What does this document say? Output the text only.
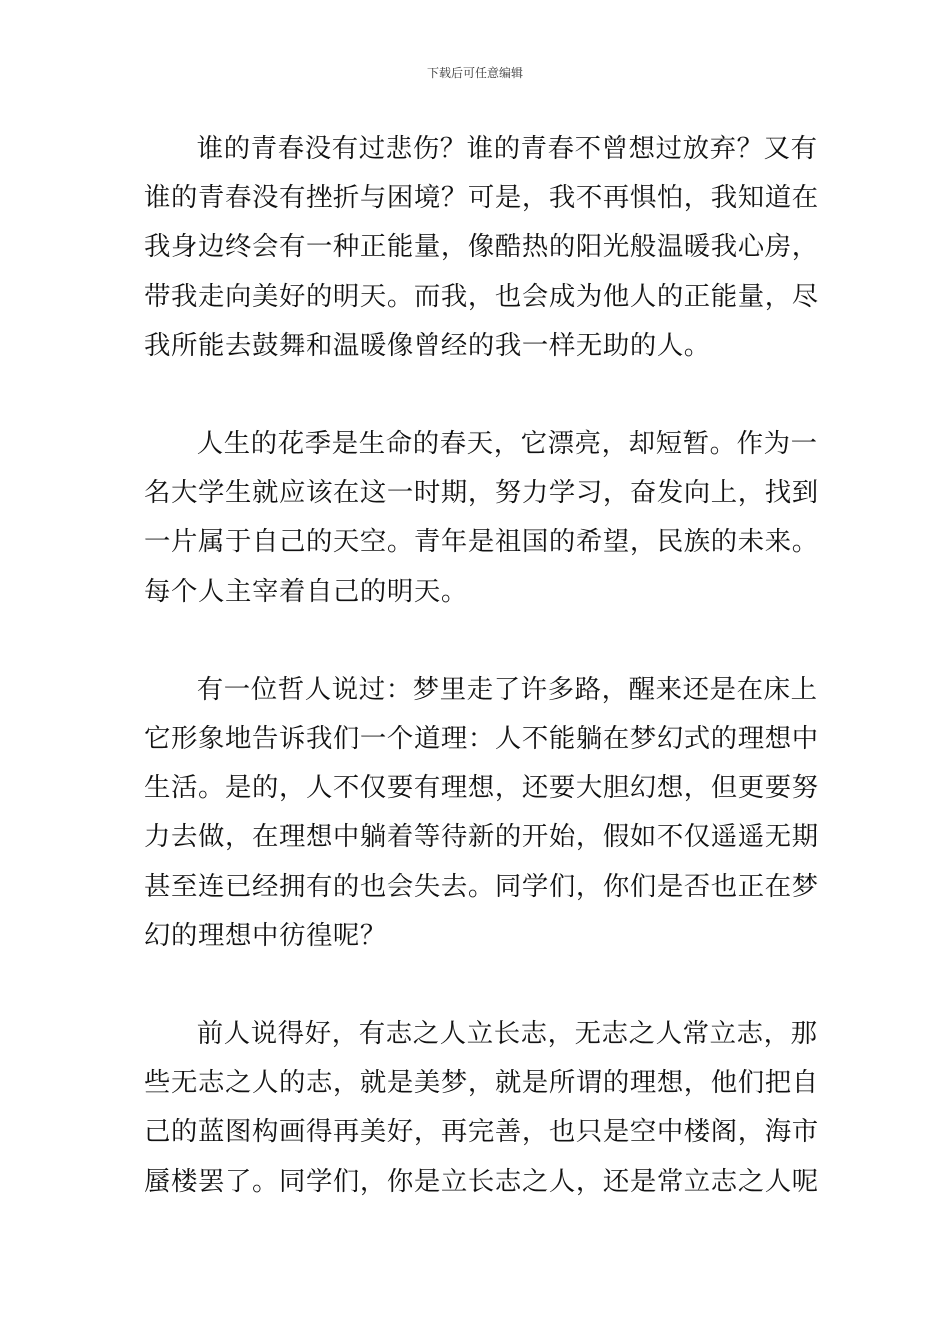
下载后可任意编辑

谁的青春没有过悲伤？谁的青春不曾想过放弃？又有
谁的青春没有挫折与困境？可是，我不再惧怕，我知道在
我身边终会有一种正能量，像酷热的阳光般温暖我心房，
带我走向美好的明天。而我，也会成为他人的正能量，尽
我所能去鼓舞和温暖像曾经的我一样无助的人。

人生的花季是生命的春天，它漂亮，却短暂。作为一
名大学生就应该在这一时期，努力学习，奋发向上，找到
一片属于自己的天空。青年是祖国的希望，民族的未来。
每个人主宰着自己的明天。

有一位哲人说过：梦里走了许多路，醒来还是在床上
它形象地告诉我们一个道理：人不能躺在梦幻式的理想中
生活。是的，人不仅要有理想，还要大胆幻想，但更要努
力去做，在理想中躺着等待新的开始，假如不仅遥遥无期
甚至连已经拥有的也会失去。同学们，你们是否也正在梦
幻的理想中彷徨呢？

前人说得好，有志之人立长志，无志之人常立志，那
些无志之人的志，就是美梦，就是所谓的理想，他们把自
己的蓝图构画得再美好，再完善，也只是空中楼阁，海市
蜃楼罢了。同学们，你是立长志之人，还是常立志之人呢
